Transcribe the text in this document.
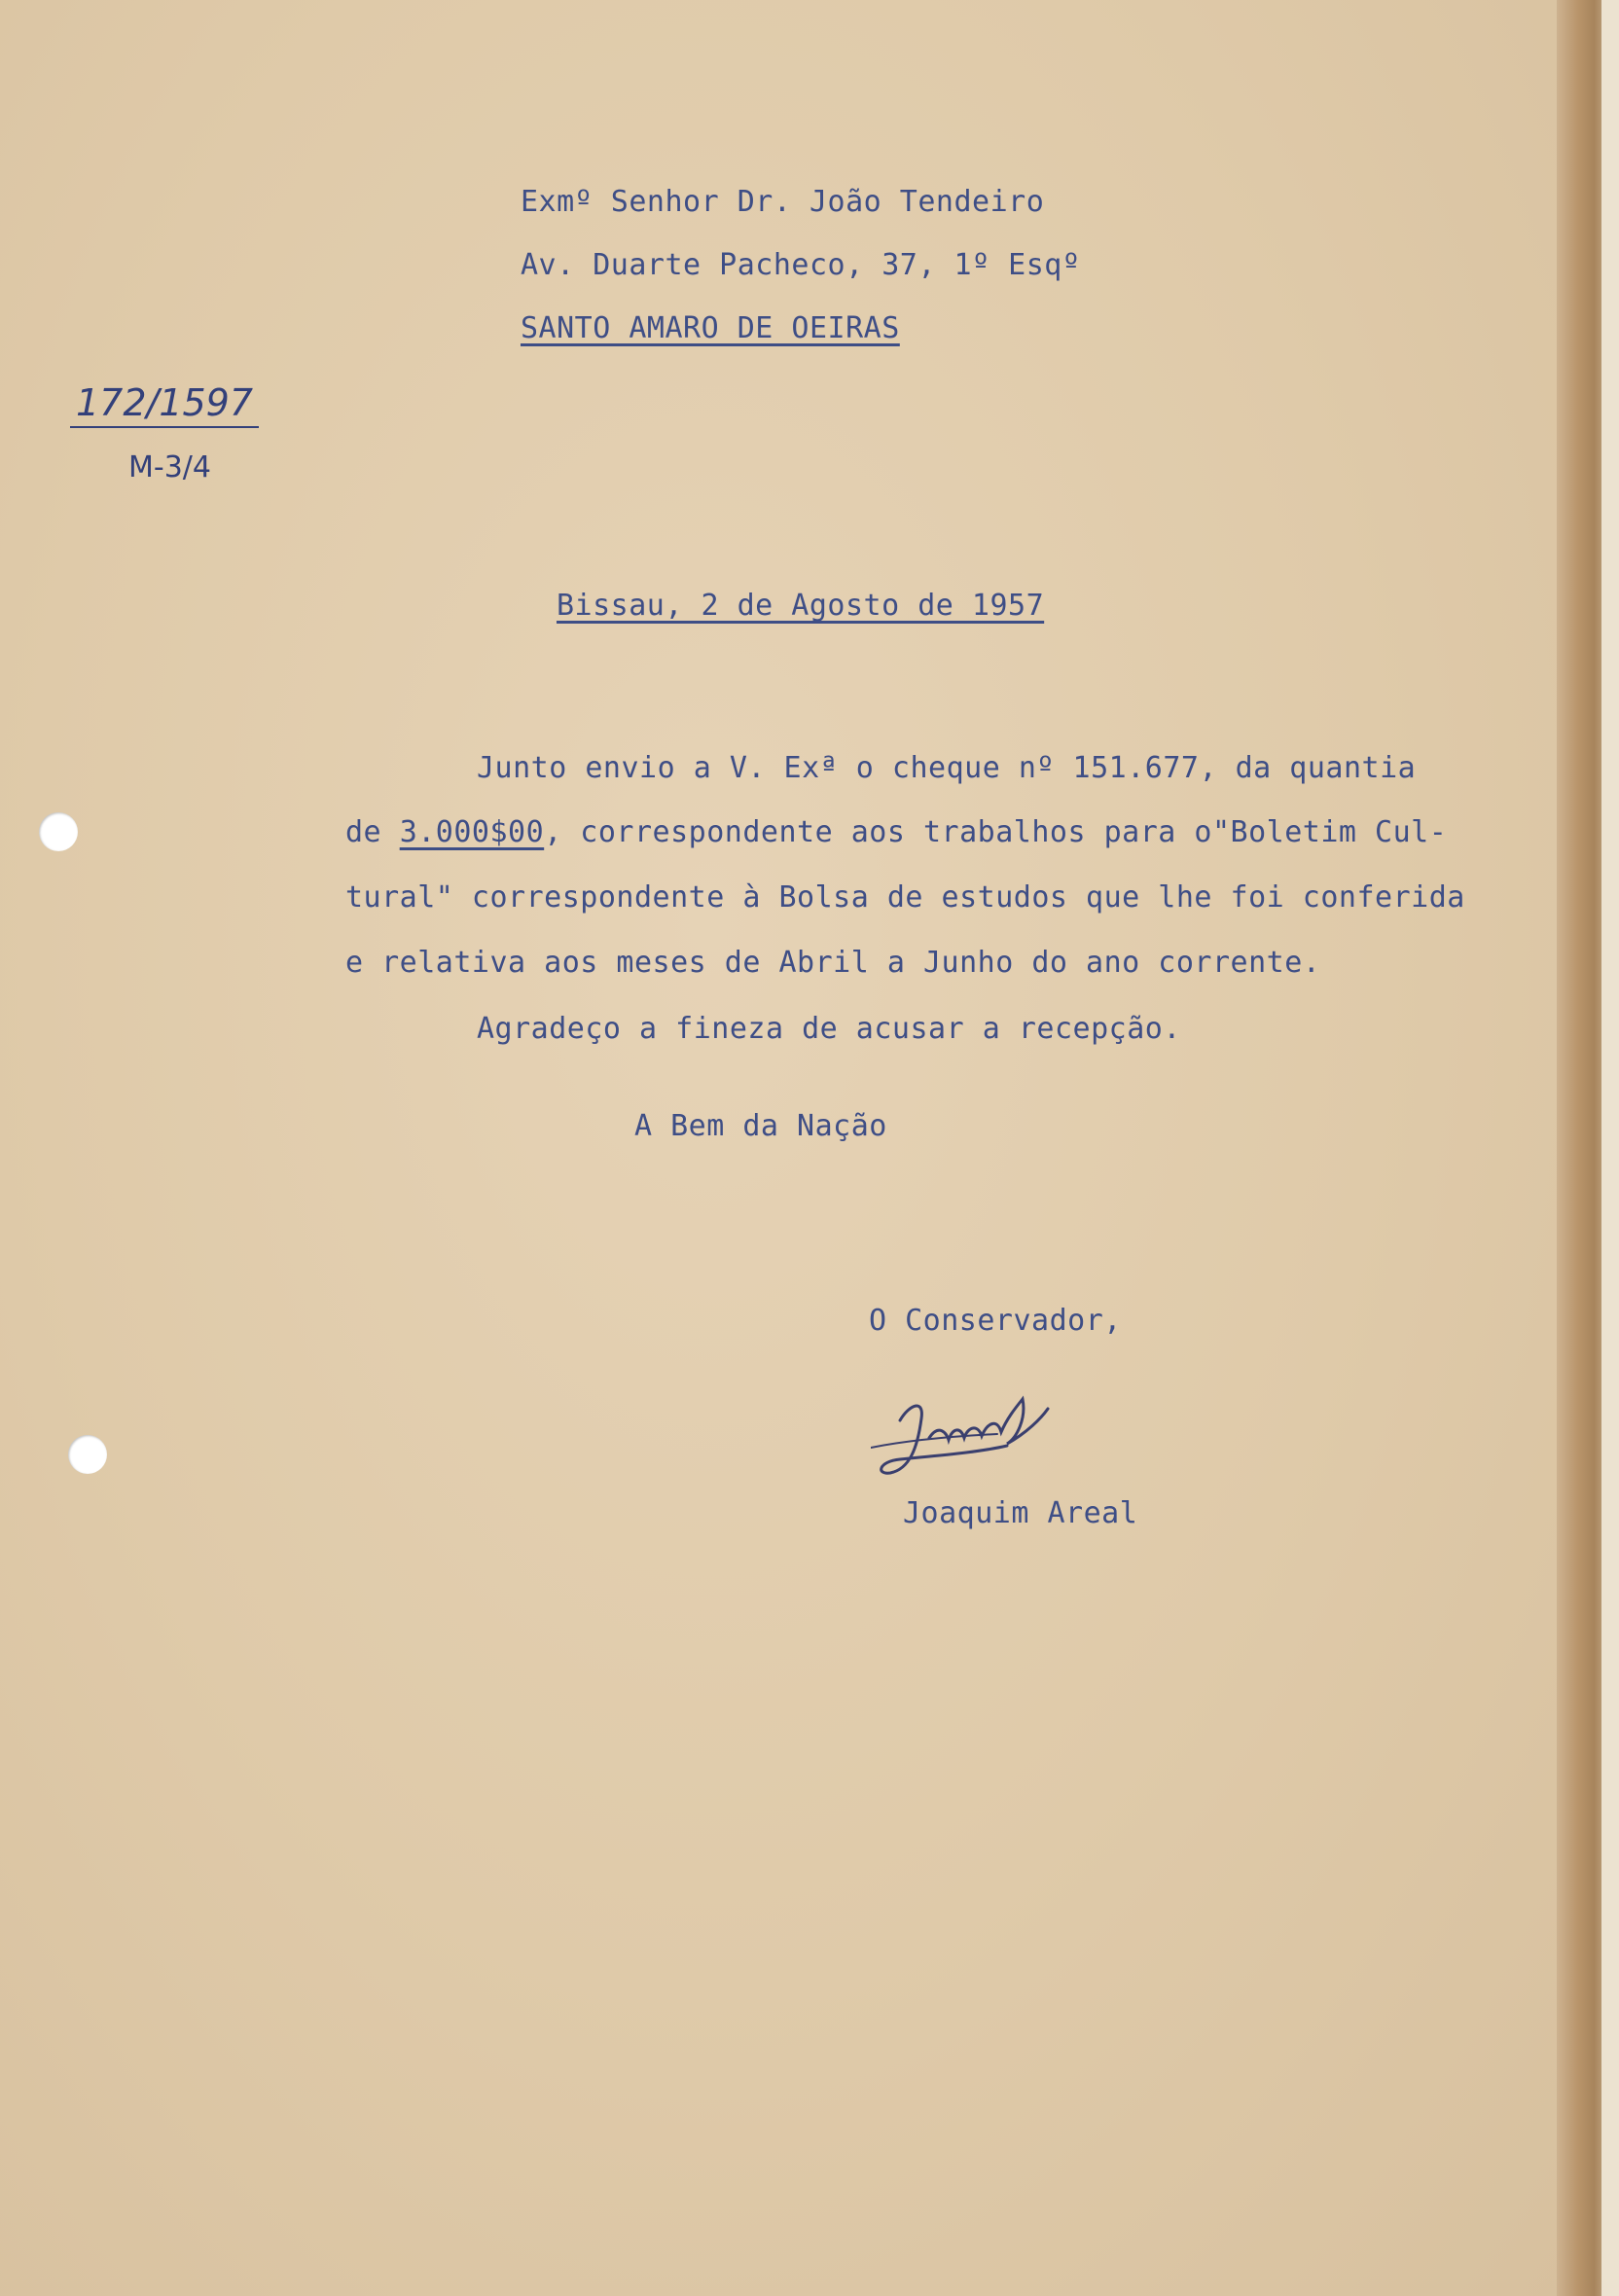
Exmº Senhor Dr. João Tendeiro
Av. Duarte Pacheco, 37, 1º Esqº
SANTO AMARO DE OEIRAS
172/1597
M-3/4
Bissau, 2 de Agosto de 1957
Junto envio a V. Exª o cheque nº 151.677, da quantia
de 3.000$00, correspondente aos trabalhos para o"Boletim Cul-
tural" correspondente à Bolsa de estudos que lhe foi conferida
e relativa aos meses de Abril a Junho do ano corrente.
Agradeço a fineza de acusar a recepção.
A Bem da Nação
O Conservador,
Joaquim Areal
